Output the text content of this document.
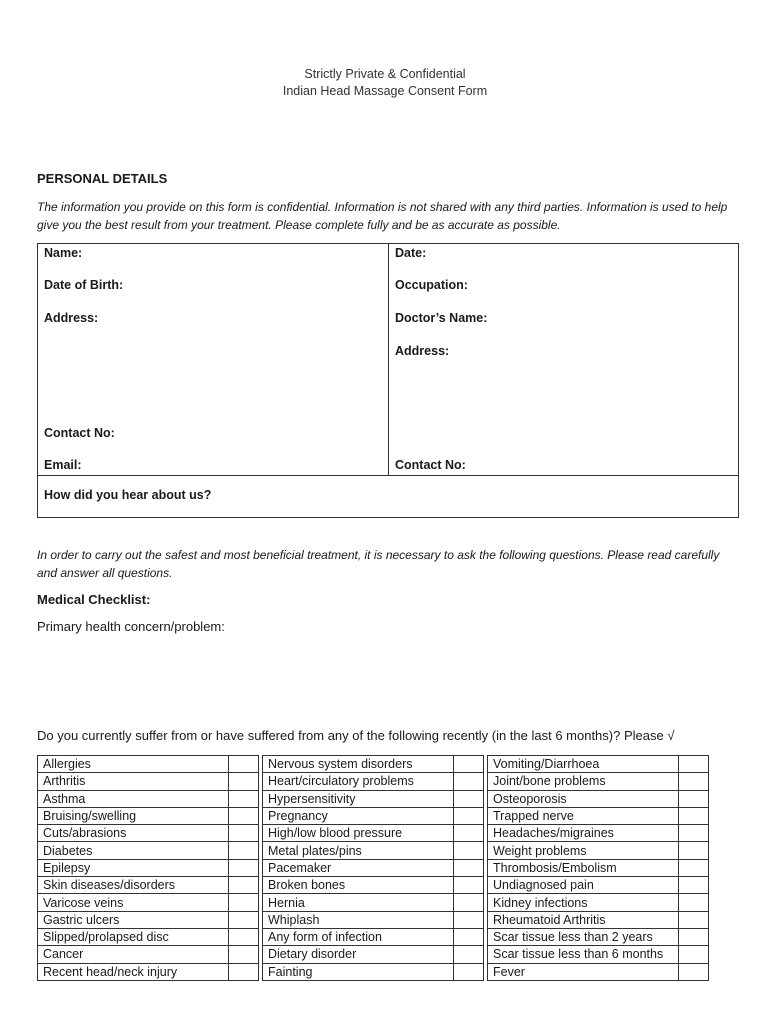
Strictly Private & Confidential
Indian Head Massage Consent Form
PERSONAL DETAILS
The information you provide on this form is confidential. Information is not shared with any third parties. Information is used to help give you the best result from your treatment. Please complete fully and be as accurate as possible.
Name:
Date of Birth:
Address:
Contact No:
Email:
Date:
Occupation:
Doctor’s Name:
Address:
Contact No:
How did you hear about us?
In order to carry out the safest and most beneficial treatment, it is necessary to ask the following questions. Please read carefully and answer all questions.
Medical Checklist:
Primary health concern/problem:
Do you currently suffer from or have suffered from any of the following recently (in the last 6 months)? Please √
Allergies			Nervous system disorders			Vomiting/Diarrhoea	
Arthritis			Heart/circulatory problems			Joint/bone problems	
Asthma			Hypersensitivity			Osteoporosis	
Bruising/swelling			Pregnancy			Trapped nerve	
Cuts/abrasions			High/low blood pressure			Headaches/migraines	
Diabetes			Metal plates/pins			Weight problems	
Epilepsy			Pacemaker			Thrombosis/Embolism	
Skin diseases/disorders			Broken bones			Undiagnosed pain	
Varicose veins			Hernia			Kidney infections	
Gastric ulcers			Whiplash			Rheumatoid Arthritis	
Slipped/prolapsed disc			Any form of infection			Scar tissue less than 2 years	
Cancer			Dietary disorder			Scar tissue less than 6 months	
Recent head/neck injury			Fainting			Fever	
